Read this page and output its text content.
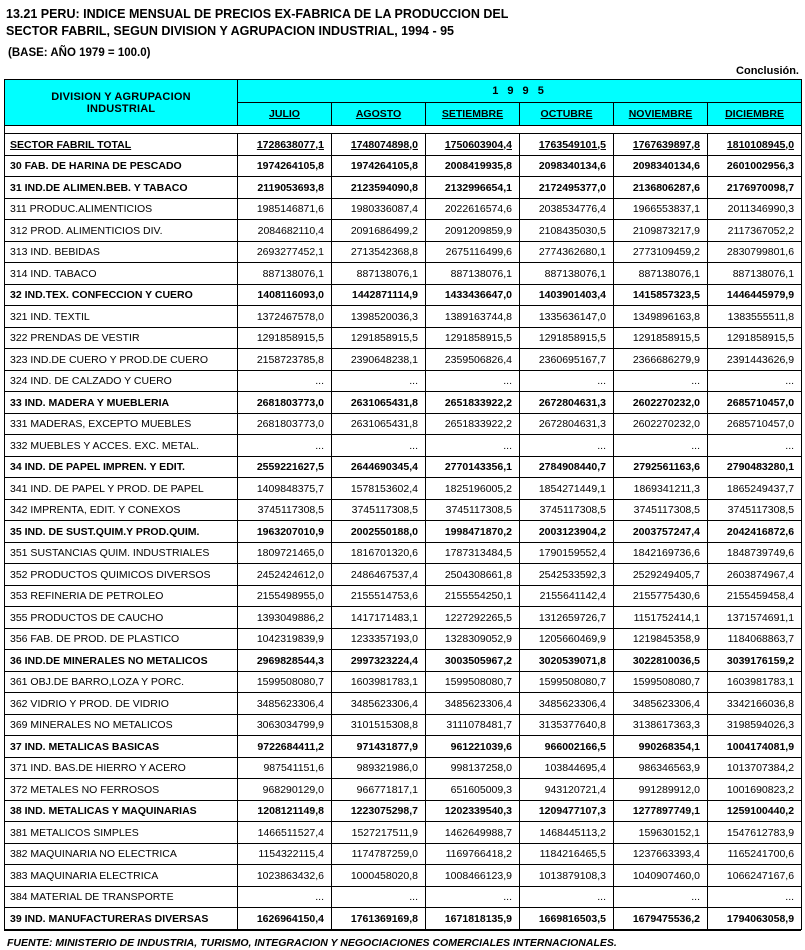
13.21 PERU: INDICE MENSUAL DE PRECIOS EX-FABRICA DE LA PRODUCCION DEL
SECTOR FABRIL, SEGUN DIVISION Y AGRUPACION INDUSTRIAL, 1994 - 95
(BASE: AÑO 1979 = 100.0)
Conclusión.
DIVISION Y AGRUPACION
INDUSTRIAL	1 9 9 5					
	JULIO	AGOSTO	SETIEMBRE	OCTUBRE	NOVIEMBRE	DICIEMBRE

SECTOR FABRIL TOTAL	1728638077,1	1748074898,0	1750603904,4	1763549101,5	1767639897,8	1810108945,0
30 FAB. DE HARINA DE PESCADO	1974264105,8	1974264105,8	2008419935,8	2098340134,6	2098340134,6	2601002956,3
31 IND.DE ALIMEN.BEB. Y TABACO	2119053693,8	2123594090,8	2132996654,1	2172495377,0	2136806287,6	2176970098,7
311 PRODUC.ALIMENTICIOS	1985146871,6	1980336087,4	2022616574,6	2038534776,4	1966553837,1	2011346990,3
312 PROD. ALIMENTICIOS DIV.	2084682110,4	2091686499,2	2091209859,9	2108435030,5	2109873217,9	2117367052,2
313 IND. BEBIDAS	2693277452,1	2713542368,8	2675116499,6	2774362680,1	2773109459,2	2830799801,6
314 IND. TABACO	887138076,1	887138076,1	887138076,1	887138076,1	887138076,1	887138076,1
32 IND.TEX. CONFECCION Y CUERO	1408116093,0	1442871114,9	1433436647,0	1403901403,4	1415857323,5	1446445979,9
321 IND. TEXTIL	1372467578,0	1398520036,3	1389163744,8	1335636147,0	1349896163,8	1383555511,8
322 PRENDAS DE VESTIR	1291858915,5	1291858915,5	1291858915,5	1291858915,5	1291858915,5	1291858915,5
323 IND.DE CUERO Y PROD.DE CUERO	2158723785,8	2390648238,1	2359506826,4	2360695167,7	2366686279,9	2391443626,9
324 IND. DE CALZADO Y CUERO	...	...	...	...	...	...
33 IND. MADERA Y MUEBLERIA	2681803773,0	2631065431,8	2651833922,2	2672804631,3	2602270232,0	2685710457,0
331 MADERAS, EXCEPTO MUEBLES	2681803773,0	2631065431,8	2651833922,2	2672804631,3	2602270232,0	2685710457,0
332 MUEBLES Y ACCES. EXC. METAL.	...	...	...	...	...	...
34 IND. DE PAPEL IMPREN. Y EDIT.	2559221627,5	2644690345,4	2770143356,1	2784908440,7	2792561163,6	2790483280,1
341 IND. DE PAPEL Y PROD. DE PAPEL	1409848375,7	1578153602,4	1825196005,2	1854271449,1	1869341211,3	1865249437,7
342 IMPRENTA, EDIT. Y CONEXOS	3745117308,5	3745117308,5	3745117308,5	3745117308,5	3745117308,5	3745117308,5
35 IND. DE SUST.QUIM.Y PROD.QUIM.	1963207010,9	2002550188,0	1998471870,2	2003123904,2	2003757247,4	2042416872,6
351 SUSTANCIAS QUIM. INDUSTRIALES	1809721465,0	1816701320,6	1787313484,5	1790159552,4	1842169736,6	1848739749,6
352 PRODUCTOS QUIMICOS DIVERSOS	2452424612,0	2486467537,4	2504308661,8	2542533592,3	2529249405,7	2603874967,4
353 REFINERIA DE PETROLEO	2155498955,0	2155514753,6	2155554250,1	2155641142,4	2155775430,6	2155459458,4
355 PRODUCTOS DE CAUCHO	1393049886,2	1417171483,1	1227292265,5	1312659726,7	1151752414,1	1371574691,1
356 FAB. DE PROD. DE PLASTICO	1042319839,9	1233357193,0	1328309052,9	1205660469,9	1219845358,9	1184068863,7
36 IND.DE MINERALES NO METALICOS	2969828544,3	2997323224,4	3003505967,2	3020539071,8	3022810036,5	3039176159,2
361 OBJ.DE BARRO,LOZA Y PORC.	1599508080,7	1603981783,1	1599508080,7	1599508080,7	1599508080,7	1603981783,1
362 VIDRIO Y PROD. DE VIDRIO	3485623306,4	3485623306,4	3485623306,4	3485623306,4	3485623306,4	3342166036,8
369 MINERALES NO METALICOS	3063034799,9	3101515308,8	3111078481,7	3135377640,8	3138617363,3	3198594026,3
37 IND. METALICAS BASICAS	9722684411,2	971431877,9	961221039,6	966002166,5	990268354,1	1004174081,9
371 IND. BAS.DE HIERRO Y ACERO	987541151,6	989321986,0	998137258,0	103844695,4	986346563,9	1013707384,2
372 METALES NO FERROSOS	968290129,0	966771817,1	651605009,3	943120721,4	991289912,0	1001690823,2
38 IND. METALICAS Y MAQUINARIAS	1208121149,8	1223075298,7	1202339540,3	1209477107,3	1277897749,1	1259100440,2
381 METALICOS SIMPLES	1466511527,4	1527217511,9	1462649988,7	1468445113,2	159630152,1	1547612783,9
382 MAQUINARIA NO ELECTRICA	1154322115,4	1174787259,0	1169766418,2	1184216465,5	1237663393,4	1165241700,6
383 MAQUINARIA ELECTRICA	1023863432,6	1000458020,8	1008466123,9	1013879108,3	1040907460,0	1066247167,6
384 MATERIAL DE TRANSPORTE	...	...	...	...	...	...
39 IND. MANUFACTURERAS DIVERSAS	1626964150,4	1761369169,8	1671818135,9	1669816503,5	1679475536,2	1794063058,9
FUENTE: MINISTERIO DE INDUSTRIA, TURISMO, INTEGRACION Y NEGOCIACIONES COMERCIALES INTERNACIONALES.
